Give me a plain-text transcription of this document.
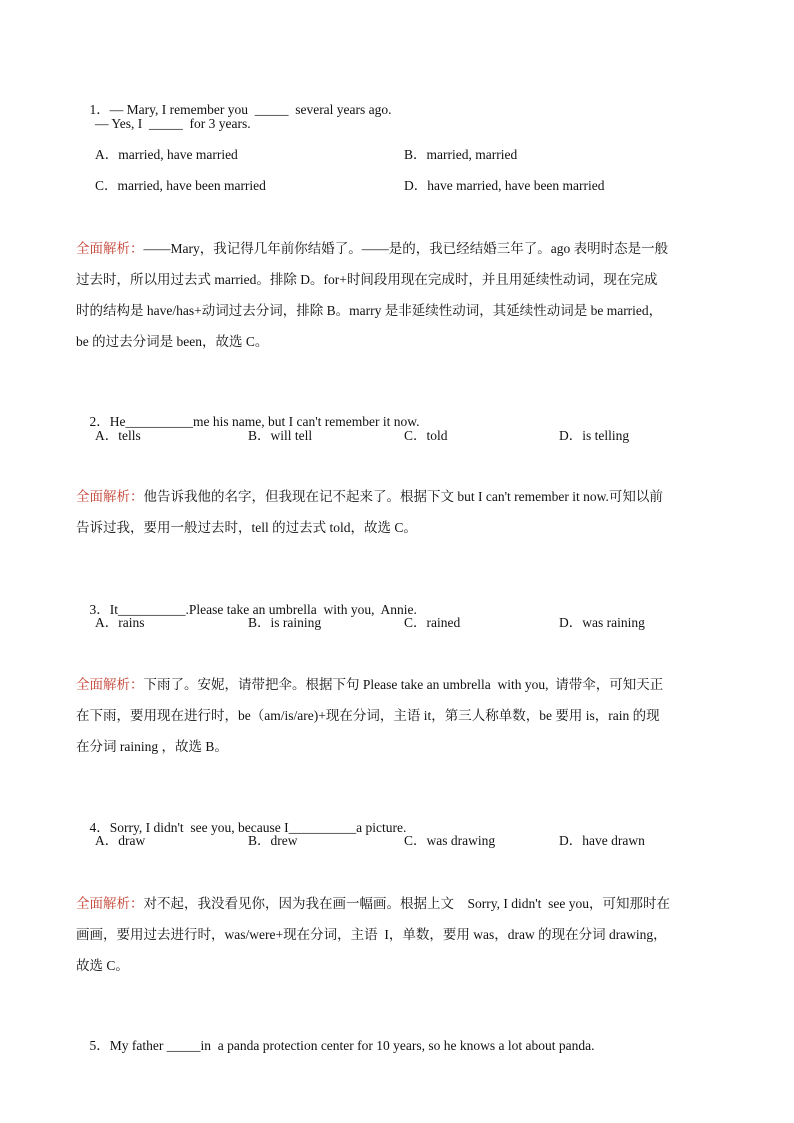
1．— Mary, I remember you  _____  several years ago.

— Yes, I  _____  for 3 years.
A．married, have married	B．married, married
C．married, have been married	D．have married, have been married
全面解析：——Mary，我记得几年前你结婚了。——是的，我已经结婚三年了。ago 表明时态是一般
过去时，所以用过去式 married。排除 D。for+时间段用现在完成时，并且用延续性动词，现在完成
时的结构是 have/has+动词过去分词，排除 B。marry 是非延续性动词，其延续性动词是 be married，
be 的过去分词是 been，故选 C。

2．He__________me his name, but I can't remember it now.

A．tells	B．will tell	C．told	D．is telling
全面解析：他告诉我他的名字，但我现在记不起来了。根据下文 but I can't remember it now.可知以前
告诉过我，要用一般过去时，tell 的过去式 told，故选 C。

3．It__________.Please take an umbrella  with you,  Annie.

A．rains	B．is raining	C．rained	D．was raining
全面解析：下雨了。安妮，请带把伞。根据下句 Please take an umbrella  with you,  请带伞，可知天正
在下雨，要用现在进行时，be（am/is/are)+现在分词，主语 it，第三人称单数，be 要用 is，rain 的现
在分词 raining ，故选 B。

4．Sorry, I didn't  see you, because I__________a picture.

A．draw	B．drew	C．was drawing	D．have drawn
全面解析：对不起，我没看见你，因为我在画一幅画。根据上文    Sorry, I didn't  see you，可知那时在
画画，要用过去进行时，was/were+现在分词，主语  I，单数，要用 was，draw 的现在分词 drawing，
故选 C。

5．My father _____in  a panda protection center for 10 years, so he knows a lot about panda.
